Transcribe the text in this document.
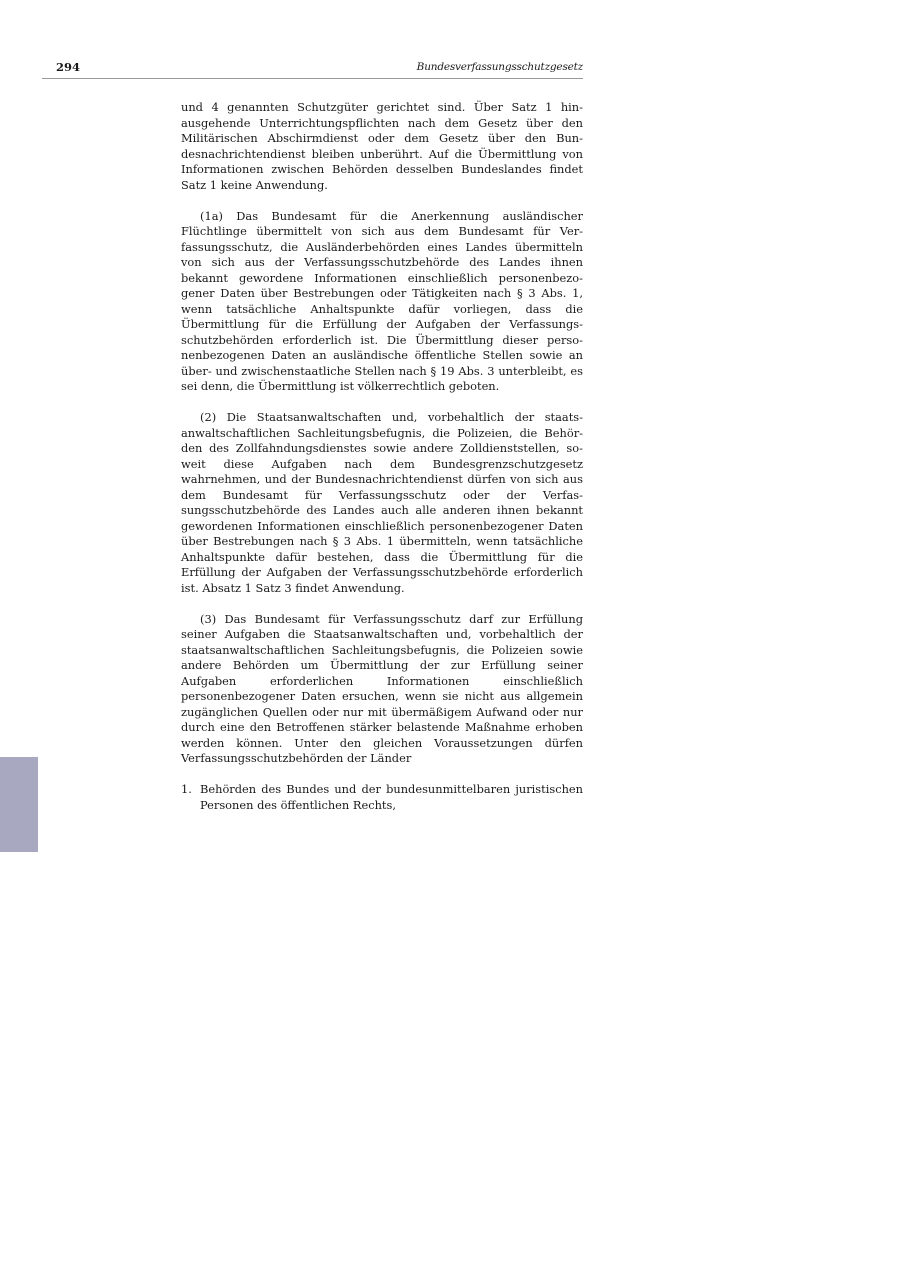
294	Bundesverfassungsschutzgesetz

und 4 genannten Schutzgüter gerichtet sind. Über Satz 1 hinausgehende Unterrichtungspflichten nach dem Gesetz über den Militärischen Abschirmdienst oder dem Gesetz über den Bundesnachrichtendienst bleiben unberührt. Auf die Übermittlung von Informationen zwischen Behörden desselben Bundeslandes findet Satz 1 keine Anwendung.

(1a) Das Bundesamt für die Anerkennung ausländischer Flüchtlinge übermittelt von sich aus dem Bundesamt für Verfassungsschutz, die Ausländerbehörden eines Landes übermitteln von sich aus der Verfassungsschutzbehörde des Landes ihnen bekannt gewordene Informationen einschließlich personenbezogener Daten über Bestrebungen oder Tätigkeiten nach § 3 Abs. 1, wenn tatsächliche Anhaltspunkte dafür vorliegen, dass die Übermittlung für die Erfüllung der Aufgaben der Verfassungsschutzbehörden erforderlich ist. Die Übermittlung dieser personenbezogenen Daten an ausländische öffentliche Stellen sowie an über- und zwischenstaatliche Stellen nach § 19 Abs. 3 unterbleibt, es sei denn, die Übermittlung ist völkerrechtlich geboten.

(2) Die Staatsanwaltschaften und, vorbehaltlich der staatsanwaltschaftlichen Sachleitungsbefugnis, die Polizeien, die Behörden des Zollfahndungsdienstes sowie andere Zolldienststellen, soweit diese Aufgaben nach dem Bundesgrenzschutzgesetz wahrnehmen, und der Bundesnachrichtendienst dürfen von sich aus dem Bundesamt für Verfassungsschutz oder der Verfassungsschutzbehörde des Landes auch alle anderen ihnen bekannt gewordenen Informationen einschließlich personenbezogener Daten über Bestrebungen nach § 3 Abs. 1 übermitteln, wenn tatsächliche Anhaltspunkte dafür bestehen, dass die Übermittlung für die Erfüllung der Aufgaben der Verfassungsschutzbehörde erforderlich ist. Absatz 1 Satz 3 findet Anwendung.

(3) Das Bundesamt für Verfassungsschutz darf zur Erfüllung seiner Aufgaben die Staatsanwaltschaften und, vorbehaltlich der staatsanwaltschaftlichen Sachleitungsbefugnis, die Polizeien sowie andere Behörden um Übermittlung der zur Erfüllung seiner Aufgaben erforderlichen Informationen einschließlich personenbezogener Daten ersuchen, wenn sie nicht aus allgemein zugänglichen Quellen oder nur mit übermäßigem Aufwand oder nur durch eine den Betroffenen stärker belastende Maßnahme erhoben werden können. Unter den gleichen Voraussetzungen dürfen Verfassungsschutzbehörden der Länder

1. Behörden des Bundes und der bundesunmittelbaren juristischen Personen des öffentlichen Rechts,
